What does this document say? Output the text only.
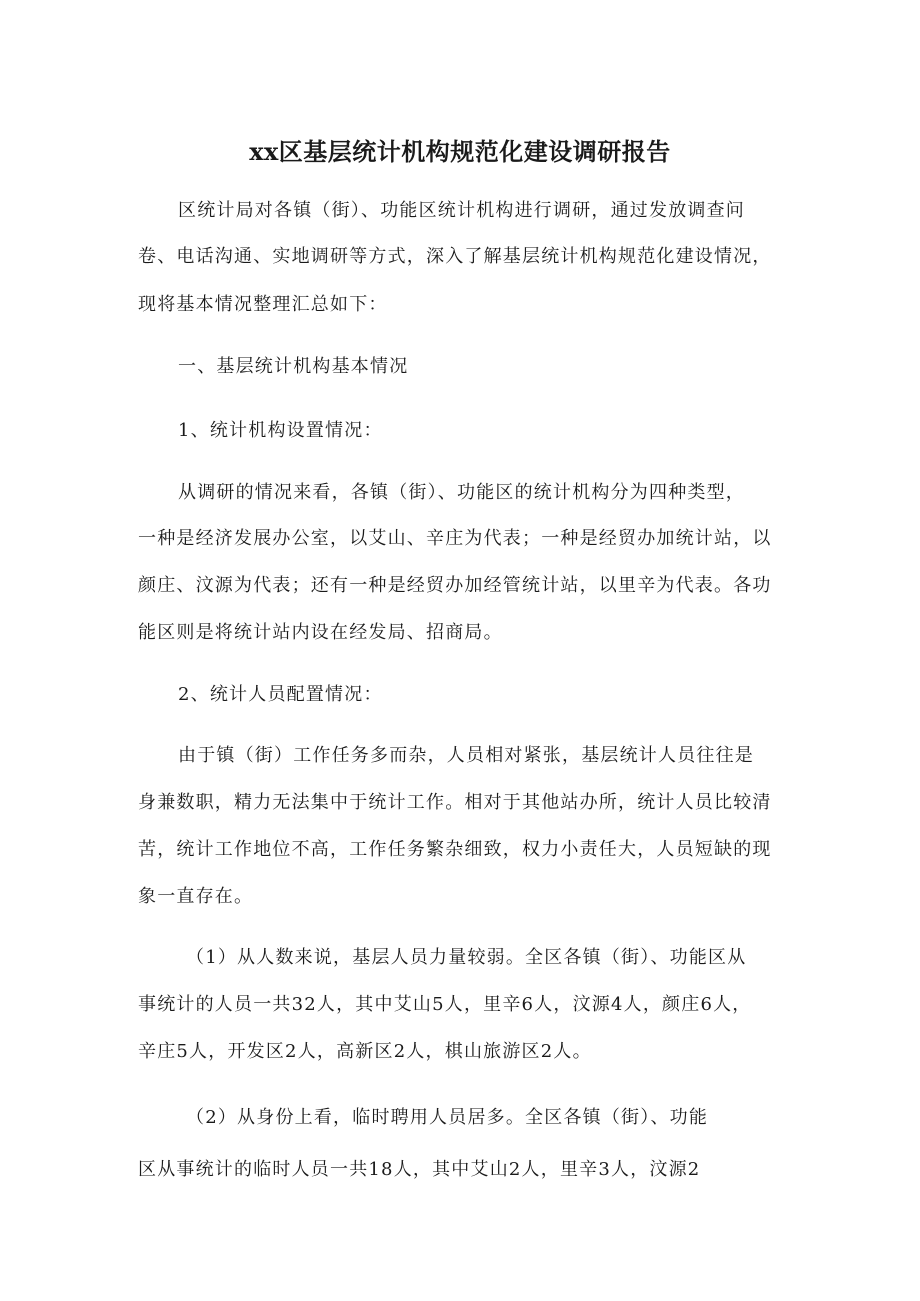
xx区基层统计机构规范化建设调研报告
区统计局对各镇（街）、功能区统计机构进行调研，通过发放调查问
卷、电话沟通、实地调研等方式，深入了解基层统计机构规范化建设情况，
现将基本情况整理汇总如下：
一、基层统计机构基本情况
1、统计机构设置情况：
从调研的情况来看，各镇（街）、功能区的统计机构分为四种类型，
一种是经济发展办公室，以艾山、辛庄为代表；一种是经贸办加统计站，以
颜庄、汶源为代表；还有一种是经贸办加经管统计站，以里辛为代表。各功
能区则是将统计站内设在经发局、招商局。
2、统计人员配置情况：
由于镇（街）工作任务多而杂，人员相对紧张，基层统计人员往往是
身兼数职，精力无法集中于统计工作。相对于其他站办所，统计人员比较清
苦，统计工作地位不高，工作任务繁杂细致，权力小责任大，人员短缺的现
象一直存在。
（1）从人数来说，基层人员力量较弱。全区各镇（街）、功能区从
事统计的人员一共32人，其中艾山5人，里辛6人，汶源4人，颜庄6人，
辛庄5人，开发区2人，高新区2人，棋山旅游区2人。
（2）从身份上看，临时聘用人员居多。全区各镇（街）、功能
区从事统计的临时人员一共18人，其中艾山2人，里辛3人，汶源2
